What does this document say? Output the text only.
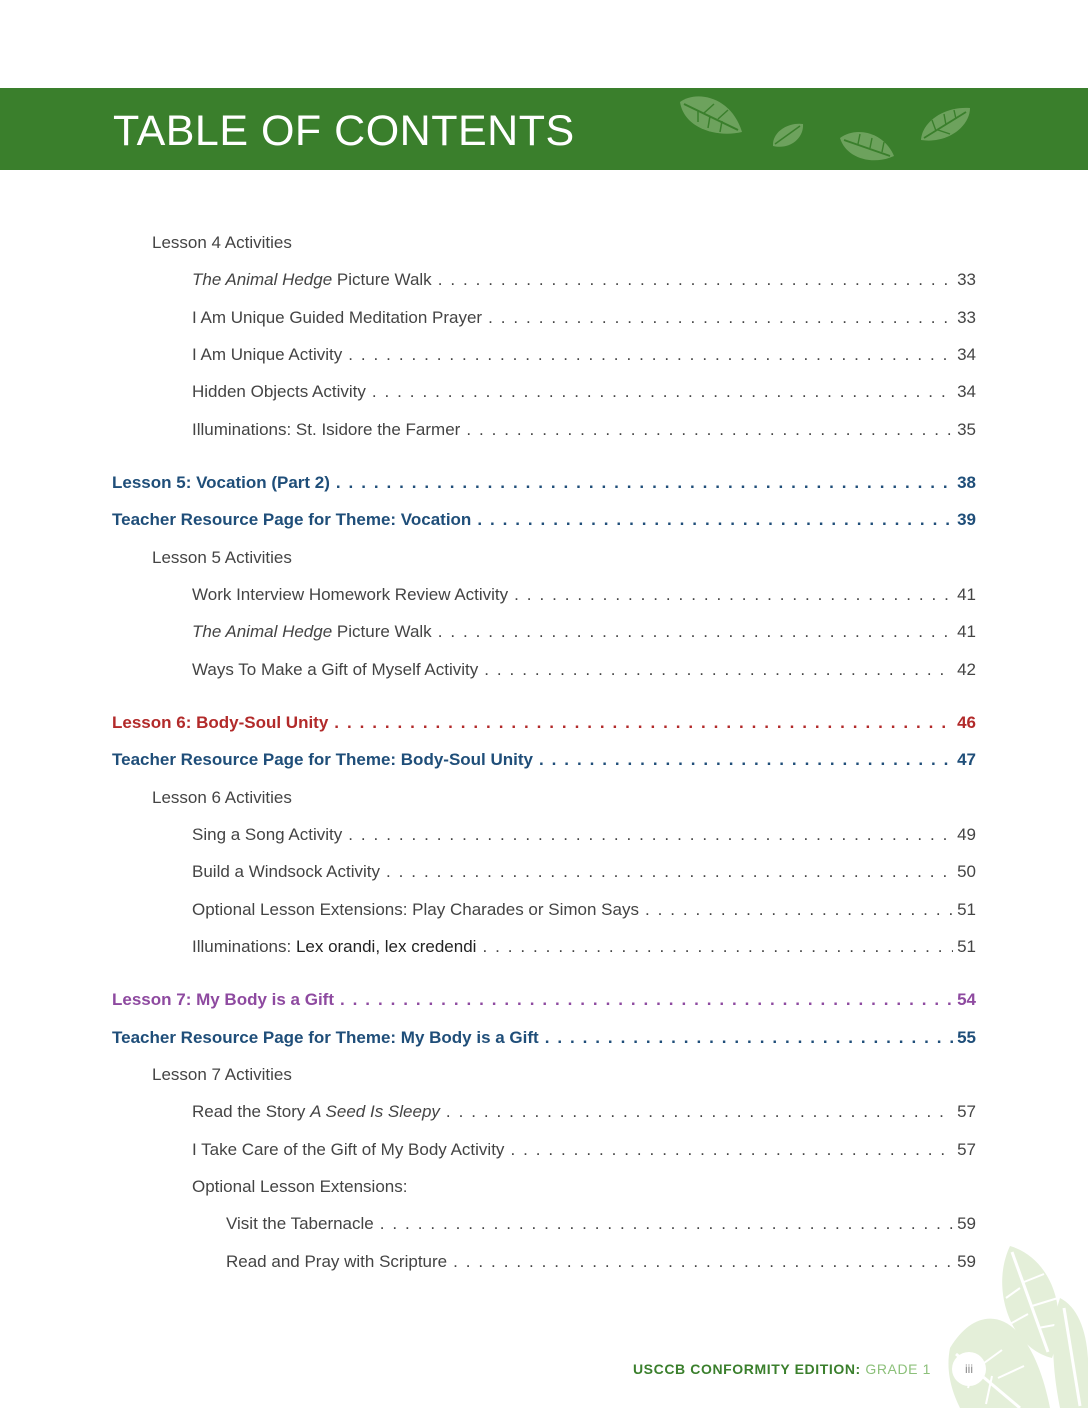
TABLE OF CONTENTS
Lesson 4 Activities
The Animal Hedge Picture Walk . . .	33
I Am Unique Guided Meditation Prayer . . .	33
I Am Unique Activity . . .	34
Hidden Objects Activity . . .	34
Illuminations: St. Isidore the Farmer . . .	35
Lesson 5: Vocation (Part 2) . . .	38
Teacher Resource Page for Theme: Vocation . . .	39
Lesson 5 Activities
Work Interview Homework Review Activity . . .	41
The Animal Hedge Picture Walk . . .	41
Ways To Make a Gift of Myself Activity . . .	42
Lesson 6: Body-Soul Unity . . .	46
Teacher Resource Page for Theme: Body-Soul Unity . . .	47
Lesson 6 Activities
Sing a Song Activity . . .	49
Build a Windsock Activity . . .	50
Optional Lesson Extensions: Play Charades or Simon Says . . .	51
Illuminations: Lex orandi, lex credendi . . .	51
Lesson 7: My Body is a Gift . . .	54
Teacher Resource Page for Theme: My Body is a Gift . . .	55
Lesson 7 Activities
Read the Story A Seed Is Sleepy . . .	57
I Take Care of the Gift of My Body Activity . . .	57
Optional Lesson Extensions:
Visit the Tabernacle . . .	59
Read and Pray with Scripture . . .	59
USCCB CONFORMITY EDITION: GRADE 1	iii
